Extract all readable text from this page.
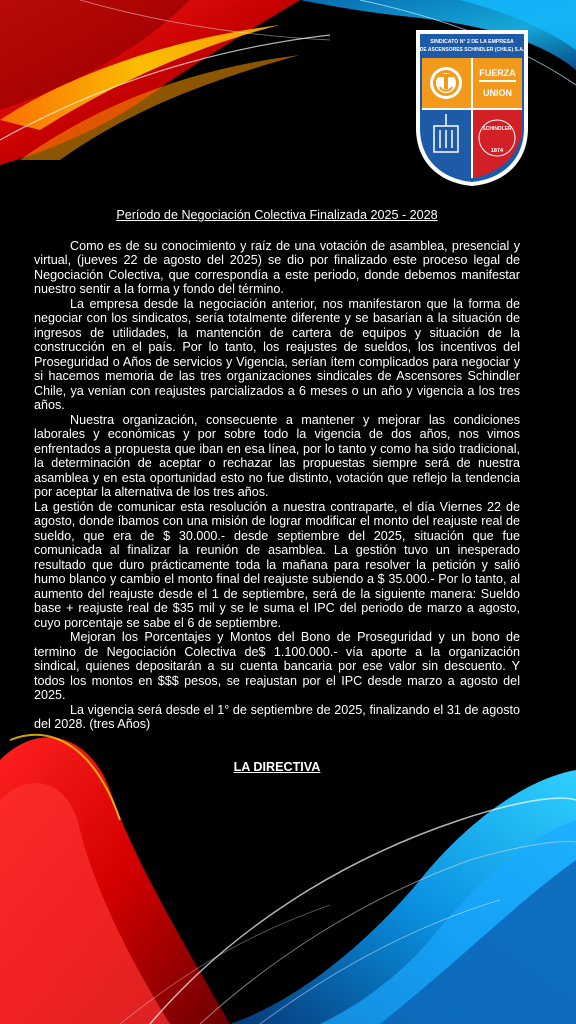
SINDICATO N° 2 DE LA EMPRESA
DE ASCENSORES SCHINDLER (CHILE) S.A.
FUERZA
UNION
SCHINDLER
1874

Período de Negociación Colectiva Finalizada 2025 - 2028

Como es de su conocimiento y raíz de una votación de asamblea, presencial y virtual, (jueves 22 de agosto del 2025) se dio por finalizado este proceso legal de Negociación Colectiva, que correspondía a este periodo, donde debemos manifestar nuestro sentir a la forma y fondo del término.

La empresa desde la negociación anterior, nos manifestaron que la forma de negociar con los sindicatos, sería totalmente diferente y se basarían a la situación de ingresos de utilidades, la mantención de cartera de equipos y situación de la construcción en el país. Por lo tanto, los reajustes de sueldos, los incentivos del Proseguridad o Años de servicios y Vigencia, serían ítem complicados para negociar y si hacemos memoria de las tres organizaciones sindicales de Ascensores Schindler Chile, ya venían con reajustes parcializados a 6 meses o un año y vigencia a los tres años.

Nuestra organización, consecuente a mantener y mejorar las condiciones laborales y económicas y por sobre todo la vigencia de dos años, nos vimos enfrentados a propuesta que iban en esa línea, por lo tanto y como ha sido tradicional, la determinación de aceptar o rechazar las propuestas siempre será de nuestra asamblea y en esta oportunidad esto no fue distinto, votación que reflejo la tendencia por aceptar la alternativa de los tres años.

La gestión de comunicar esta resolución a nuestra contraparte, el día Viernes 22 de agosto, donde íbamos con una misión de lograr modificar el monto del reajuste real de sueldo, que era de $ 30.000.- desde septiembre del 2025, situación que fue comunicada al finalizar la reunión de asamblea. La gestión tuvo un inesperado resultado que duro prácticamente toda la mañana para resolver la petición y salió humo blanco y cambio el monto final del reajuste subiendo a $ 35.000.- Por lo tanto, al aumento del reajuste desde el 1 de septiembre, será de la siguiente manera: Sueldo base + reajuste real de $35 mil y se le suma el IPC del periodo de marzo a agosto, cuyo porcentaje se sabe el 6 de septiembre.

Mejoran los Porcentajes y Montos del Bono de Proseguridad y un bono de termino de Negociación Colectiva de$ 1.100.000.- vía aporte a la organización sindical, quienes depositarán a su cuenta bancaria por ese valor sin descuento. Y todos los montos en $$$ pesos, se reajustan por el IPC desde marzo a agosto del 2025.

La vigencia será desde el 1° de septiembre de 2025, finalizando el 31 de agosto del 2028. (tres Años)

LA DIRECTIVA
